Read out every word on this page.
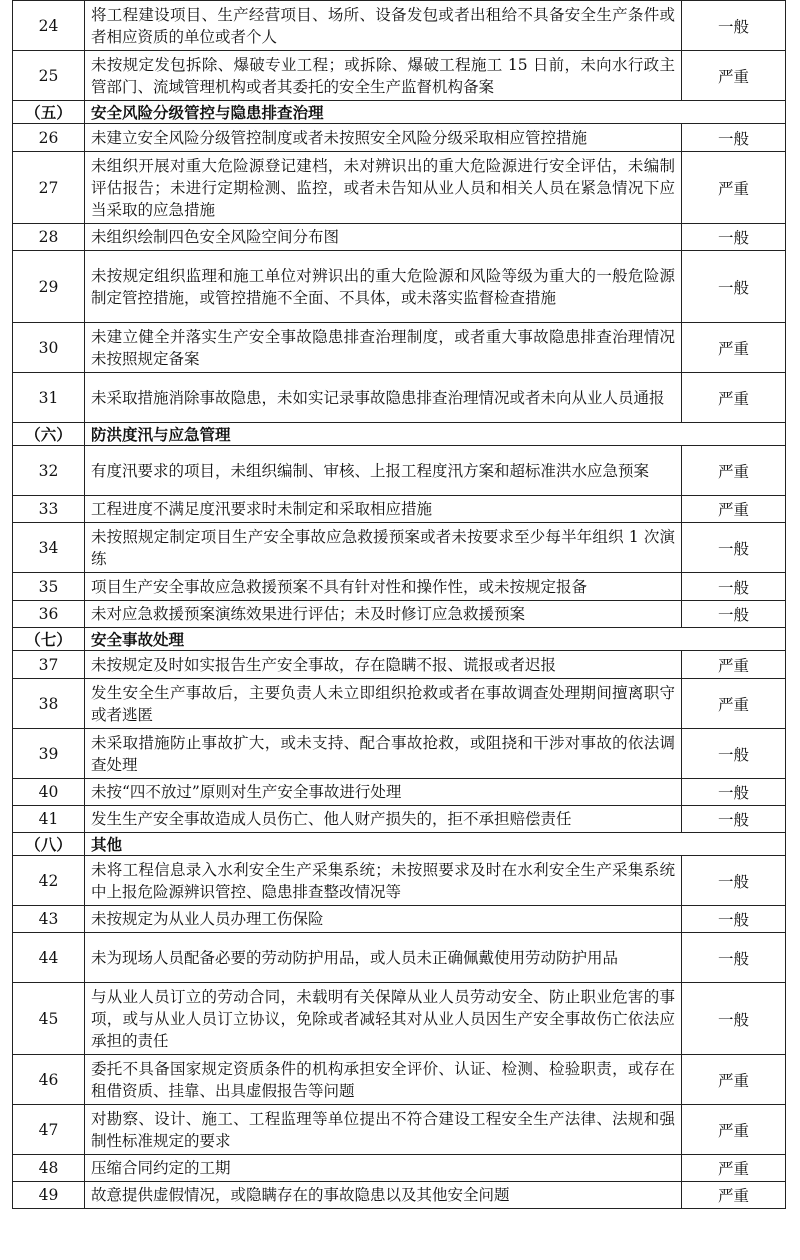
24	将工程建设项目、生产经营项目、场所、设备发包或者出租给不具备安全生产条件或者相应资质的单位或者个人	一般
25	未按规定发包拆除、爆破专业工程；或拆除、爆破工程施工 15 日前，未向水行政主管部门、流域管理机构或者其委托的安全生产监督机构备案	严重
（五）	安全风险分级管控与隐患排查治理	
26	未建立安全风险分级管控制度或者未按照安全风险分级采取相应管控措施	一般
27	未组织开展对重大危险源登记建档，未对辨识出的重大危险源进行安全评估，未编制评估报告；未进行定期检测、监控，或者未告知从业人员和相关人员在紧急情况下应当采取的应急措施	严重
28	未组织绘制四色安全风险空间分布图	一般
29	未按规定组织监理和施工单位对辨识出的重大危险源和风险等级为重大的一般危险源制定管控措施，或管控措施不全面、不具体，或未落实监督检查措施	一般
30	未建立健全并落实生产安全事故隐患排查治理制度，或者重大事故隐患排查治理情况未按照规定备案	严重
31	未采取措施消除事故隐患，未如实记录事故隐患排查治理情况或者未向从业人员通报	严重
（六）	防洪度汛与应急管理	
32	有度汛要求的项目，未组织编制、审核、上报工程度汛方案和超标准洪水应急预案	严重
33	工程进度不满足度汛要求时未制定和采取相应措施	严重
34	未按照规定制定项目生产安全事故应急救援预案或者未按要求至少每半年组织 1 次演练	一般
35	项目生产安全事故应急救援预案不具有针对性和操作性，或未按规定报备	一般
36	未对应急救援预案演练效果进行评估；未及时修订应急救援预案	一般
（七）	安全事故处理	
37	未按规定及时如实报告生产安全事故，存在隐瞒不报、谎报或者迟报	严重
38	发生安全生产事故后，主要负责人未立即组织抢救或者在事故调查处理期间擅离职守或者逃匿	严重
39	未采取措施防止事故扩大，或未支持、配合事故抢救，或阻挠和干涉对事故的依法调查处理	一般
40	未按“四不放过”原则对生产安全事故进行处理	一般
41	发生生产安全事故造成人员伤亡、他人财产损失的，拒不承担赔偿责任	一般
（八）	其他	
42	未将工程信息录入水利安全生产采集系统；未按照要求及时在水利安全生产采集系统中上报危险源辨识管控、隐患排查整改情况等	一般
43	未按规定为从业人员办理工伤保险	一般
44	未为现场人员配备必要的劳动防护用品，或人员未正确佩戴使用劳动防护用品	一般
45	与从业人员订立的劳动合同，未载明有关保障从业人员劳动安全、防止职业危害的事项，或与从业人员订立协议，免除或者减轻其对从业人员因生产安全事故伤亡依法应承担的责任	一般
46	委托不具备国家规定资质条件的机构承担安全评价、认证、检测、检验职责，或存在租借资质、挂靠、出具虚假报告等问题	严重
47	对勘察、设计、施工、工程监理等单位提出不符合建设工程安全生产法律、法规和强制性标准规定的要求	严重
48	压缩合同约定的工期	严重
49	故意提供虚假情况，或隐瞒存在的事故隐患以及其他安全问题	严重
